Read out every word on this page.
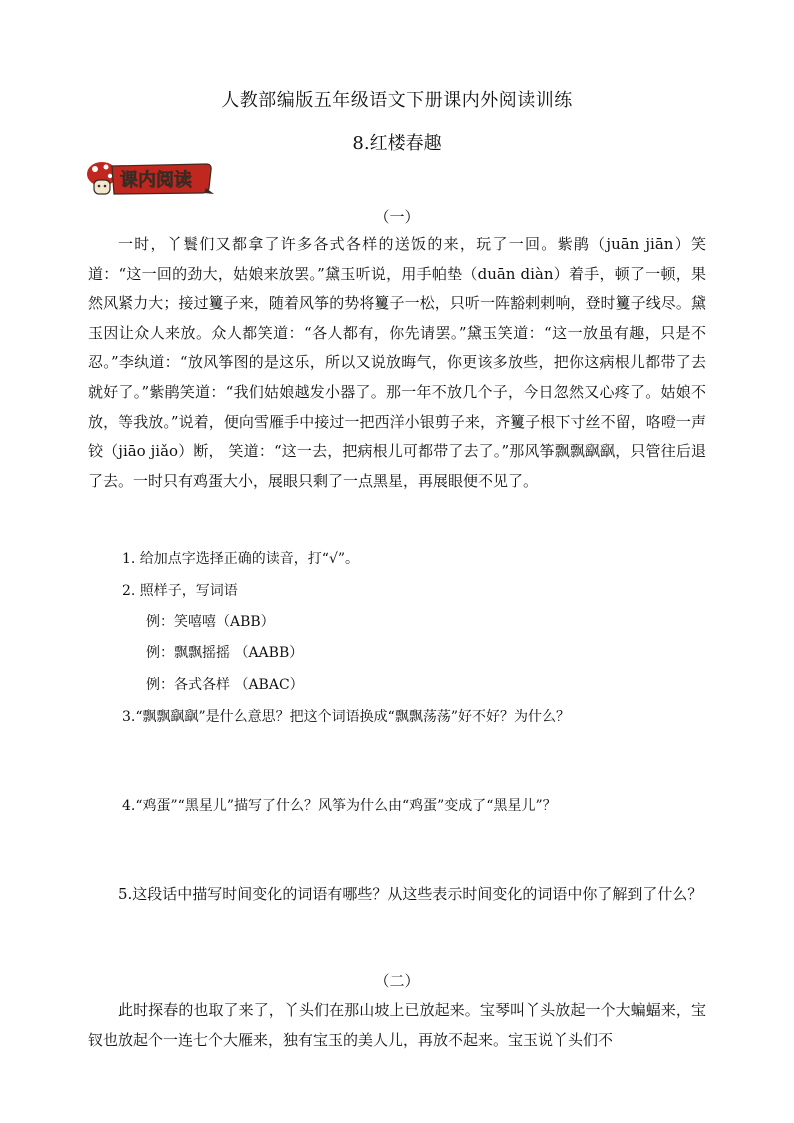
人教部编版五年级语文下册课内外阅读训练
8.红楼春趣
课内阅读
（一）

一时，丫鬟们又都拿了许多各式各样的送饭的来，玩了一回。紫鹃（juān jiān）笑道：“这一回的劲大，姑娘来放罢。”黛玉听说，用手帕垫（duān diàn）着手，顿了一顿，果然风紧力大；接过籰子来，随着风筝的势将籰子一松，只听一阵豁剌剌响，登时籰子线尽。黛玉因让众人来放。众人都笑道：“各人都有，你先请罢。”黛玉笑道：“这一放虽有趣，只是不忍。”李纨道：“放风筝图的是这乐，所以又说放晦气，你更该多放些，把你这病根儿都带了去就好了。”紫鹃笑道：“我们姑娘越发小器了。那一年不放几个子，今日忽然又心疼了。姑娘不放，等我放。”说着，便向雪雁手中接过一把西洋小银剪子来，齐籰子根下寸丝不留，咯噔一声铰（jiāo jiǎo）断， 笑道：“这一去，把病根儿可都带了去了。”那风筝飘飘飖飖，只管往后退了去。一时只有鸡蛋大小，展眼只剩了一点黑星，再展眼便不见了。

1. 给加点字选择正确的读音，打“√”。
2. 照样子，写词语
例：笑嘻嘻（ABB）
例：飘飘摇摇 （AABB）
例：各式各样 （ABAC）
3.“飘飘飖飖”是什么意思？把这个词语换成“飘飘荡荡”好不好？为什么？
4.“鸡蛋”“黑星儿”描写了什么？风筝为什么由“鸡蛋”变成了“黑星儿”？

5.这段话中描写时间变化的词语有哪些？从这些表示时间变化的词语中你了解到了什么？

（二）

此时探春的也取了来了，丫头们在那山坡上已放起来。宝琴叫丫头放起一个大蝙蝠来，宝钗也放起个一连七个大雁来，独有宝玉的美人儿，再放不起来。宝玉说丫头们不
